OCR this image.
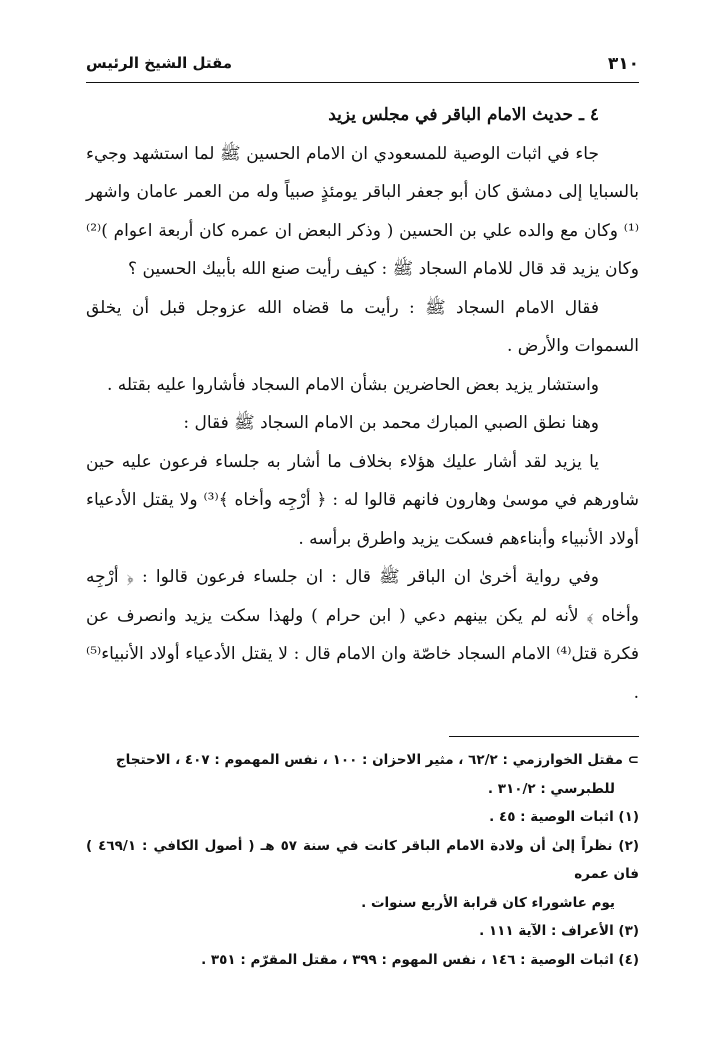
٣١٠
مقتل الشيخ الرئيس

٤ ـ حديث الامام الباقر في مجلس يزيد

جاء في اثبات الوصية للمسعودي ان الامام الحسين ﷺ لما استشهد وجيء بالسبايا إلى دمشق كان أبو جعفر الباقر يومئذٍ صبياً وله من العمر عامان واشهر ⁽¹⁾ وكان مع والده علي بن الحسين ( وذكر البعض ان عمره كان أربعة اعوام )⁽²⁾ وكان يزيد قد قال للامام السجاد ﷺ : كيف رأيت صنع الله بأبيك الحسين ؟

فقال الامام السجاد ﷺ : رأيت ما قضاه الله عزوجل قبل أن يخلق السموات والأرض .

واستشار يزيد بعض الحاضرين بشأن الامام السجاد فأشاروا عليه بقتله .

وهنا نطق الصبي المبارك محمد بن الامام السجاد ﷺ فقال :

يا يزيد لقد أشار عليك هؤلاء بخلاف ما أشار به جلساء فرعون عليه حين شاورهم في موسىٰ وهارون فانهم قالوا له : ﴿ أرْجِه وأخاه ﴾⁽³⁾ ولا يقتل الأدعياء أولاد الأنبياء وأبناءهم فسكت يزيد واطرق برأسه .

وفي رواية أخرىٰ ان الباقر ﷺ قال : ان جلساء فرعون قالوا : ﴿ أرْجِه وأخاه ﴾ لأنه لم يكن بينهم دعي ( ابن حرام ) ولهذا سكت يزيد وانصرف عن فكرة قتل⁽⁴⁾ الامام السجاد خاصّة وان الامام قال : لا يقتل الأدعياء أولاد الأنبياء⁽⁵⁾ .

⊃ مقتل الخوارزمي : ٦٢/٢ ، مثير الاحزان : ١٠٠ ، نفس المهموم : ٤٠٧ ، الاحتجاج

للطبرسي : ٣١٠/٢ .

(١) اثبات الوصية : ٤٥ .

(٢) نظراً إلىٰ أن ولادة الامام الباقر كانت في سنة ٥٧ هـ ( أصول الكافي : ٤٦٩/١ ) فان عمره

يوم عاشوراء كان قرابة الأربع سنوات .

(٣) الأعراف : الآية ١١١ .

(٤) اثبات الوصية : ١٤٦ ، نفس المهوم : ٣٩٩ ، مقتل المقرّم : ٣٥١ .
